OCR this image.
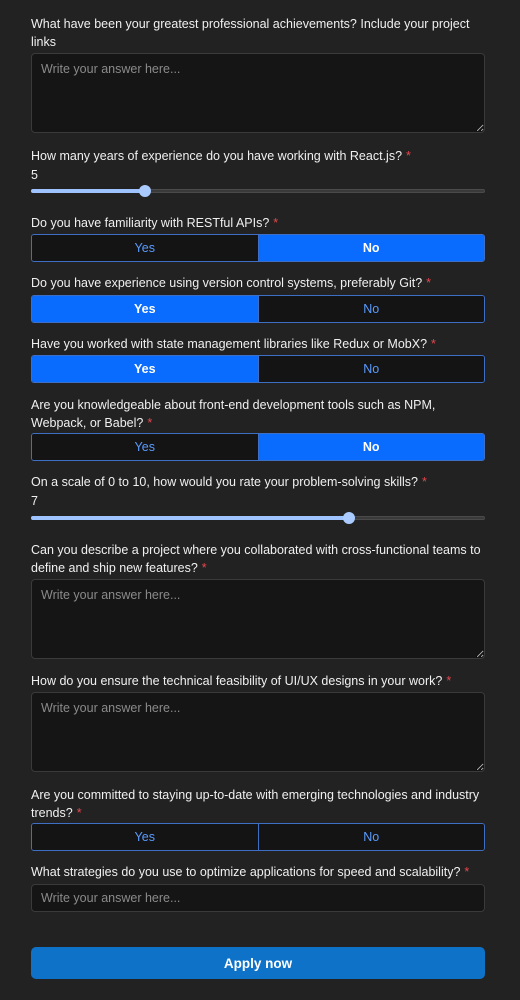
What have been your greatest professional achievements? Include your project links

Write your answer here...
How many years of experience do you have working with React.js? *
5
Do you have familiarity with RESTful APIs? *
Yes	No
Do you have experience using version control systems, preferably Git? *
Yes	No
Have you worked with state management libraries like Redux or MobX? *
Yes	No
Are you knowledgeable about front-end development tools such as NPM, Webpack, or Babel? *
Yes	No
On a scale of 0 to 10, how would you rate your problem-solving skills? *
7
Can you describe a project where you collaborated with cross-functional teams to define and ship new features? *
Write your answer here...
How do you ensure the technical feasibility of UI/UX designs in your work? *
Write your answer here...
Are you committed to staying up-to-date with emerging technologies and industry trends? *
Yes	No
What strategies do you use to optimize applications for speed and scalability? *
Write your answer here...
Apply now
